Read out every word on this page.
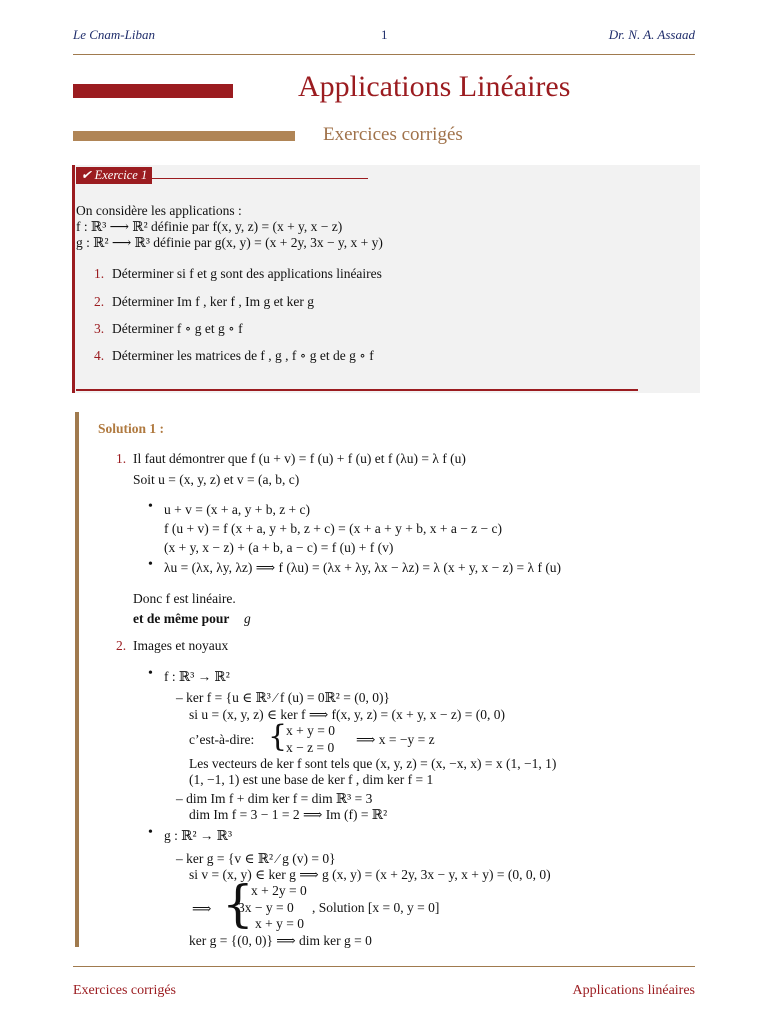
Le Cnam-Liban	1	Dr. N. A. Assaad
Applications Linéaires
Exercices corrigés
✔ Exercice 1
On considère les applications :
f : ℝ³ ⟶ ℝ² définie par f(x, y, z) = (x + y, x − z)
g : ℝ² ⟶ ℝ³ définie par g(x, y) = (x + 2y, 3x − y, x + y)
1. Déterminer si f et g sont des applications linéaires
2. Déterminer Im f , ker f , Im g et ker g
3. Déterminer f ∘ g et g ∘ f
4. Déterminer les matrices de f , g , f ∘ g et de g ∘ f
Solution 1 :
1. Il faut démontrer que f (u + v) = f (u) + f (u) et f (λu) = λ f (u)
Soit u = (x, y, z) et v = (a, b, c)
• u + v = (x + a, y + b, z + c)
f (u + v) = f (x + a, y + b, z + c) = (x + a + y + b, x + a − z − c)
(x + y, x − z) + (a + b, a − c) = f (u) + f (v)
• λu = (λx, λy, λz) ⟹ f (λu) = (λx + λy, λx − λz) = λ (x + y, x − z) = λ f (u)
Donc f est linéaire.
et de même pour g
2. Images et noyaux
• f : ℝ³ → ℝ²
– ker f = {u ∈ ℝ³ ⁄ f (u) = 0ℝ² = (0, 0)}
si u = (x, y, z) ∈ ker f ⟹ f(x, y, z) = (x + y, x − z) = (0, 0)
c’est-à-dire: {
x + y = 0
x − z = 0
⟹ x = −y = z
Les vecteurs de ker f sont tels que (x, y, z) = (x, −x, x) = x (1, −1, 1)
(1, −1, 1) est une base de ker f , dim ker f = 1
– dim Im f + dim ker f = dim ℝ³ = 3
dim Im f = 3 − 1 = 2 ⟹ Im (f) = ℝ²
• g : ℝ² → ℝ³
– ker g = {v ∈ ℝ² ⁄ g (v) = 0}
si v = (x, y) ∈ ker g ⟹ g (x, y) = (x + 2y, 3x − y, x + y) = (0, 0, 0)
⟹ {
x + 2y = 0
3x − y = 0
x + y = 0
, Solution [x = 0, y = 0]
ker g = {(0, 0)} ⟹ dim ker g = 0
Exercices corrigés	Applications linéaires
